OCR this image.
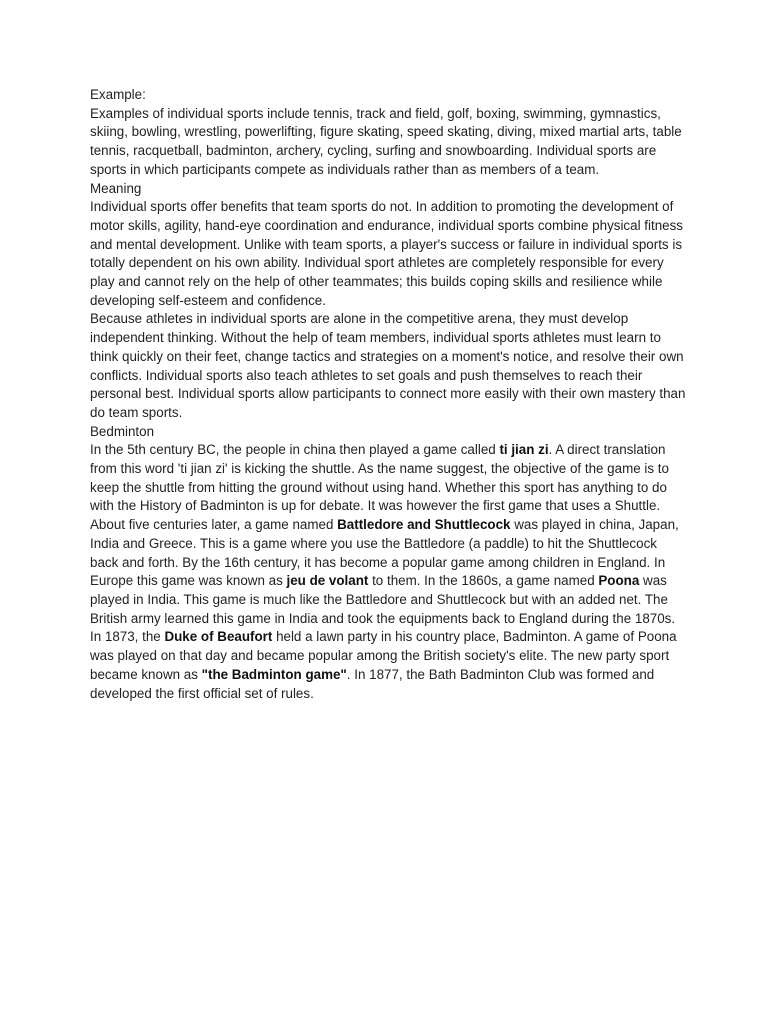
Example:

Examples of individual sports include tennis, track and field, golf, boxing, swimming, gymnastics, skiing, bowling, wrestling, powerlifting, figure skating, speed skating, diving, mixed martial arts, table tennis, racquetball, badminton, archery, cycling, surfing and snowboarding. Individual sports are sports in which participants compete as individuals rather than as members of a team.

Meaning

Individual sports offer benefits that team sports do not. In addition to promoting the development of motor skills, agility, hand-eye coordination and endurance, individual sports combine physical fitness and mental development. Unlike with team sports, a player's success or failure in individual sports is totally dependent on his own ability. Individual sport athletes are completely responsible for every play and cannot rely on the help of other teammates; this builds coping skills and resilience while developing self-esteem and confidence.

Because athletes in individual sports are alone in the competitive arena, they must develop independent thinking. Without the help of team members, individual sports athletes must learn to think quickly on their feet, change tactics and strategies on a moment's notice, and resolve their own conflicts. Individual sports also teach athletes to set goals and push themselves to reach their personal best. Individual sports allow participants to connect more easily with their own mastery than do team sports.

Bedminton

In the 5th century BC, the people in china then played a game called ti jian zi. A direct translation from this word 'ti jian zi' is kicking the shuttle. As the name suggest, the objective of the game is to keep the shuttle from hitting the ground without using hand. Whether this sport has anything to do with the History of Badminton is up for debate. It was however the first game that uses a Shuttle.

About five centuries later, a game named Battledore and Shuttlecock was played in china, Japan, India and Greece. This is a game where you use the Battledore (a paddle) to hit the Shuttlecock back and forth. By the 16th century, it has become a popular game among children in England. In Europe this game was known as jeu de volant to them. In the 1860s, a game named Poona was played in India. This game is much like the Battledore and Shuttlecock but with an added net. The British army learned this game in India and took the equipments back to England during the 1870s.

In 1873, the Duke of Beaufort held a lawn party in his country place, Badminton. A game of Poona was played on that day and became popular among the British society's elite. The new party sport became known as "the Badminton game". In 1877, the Bath Badminton Club was formed and developed the first official set of rules.
